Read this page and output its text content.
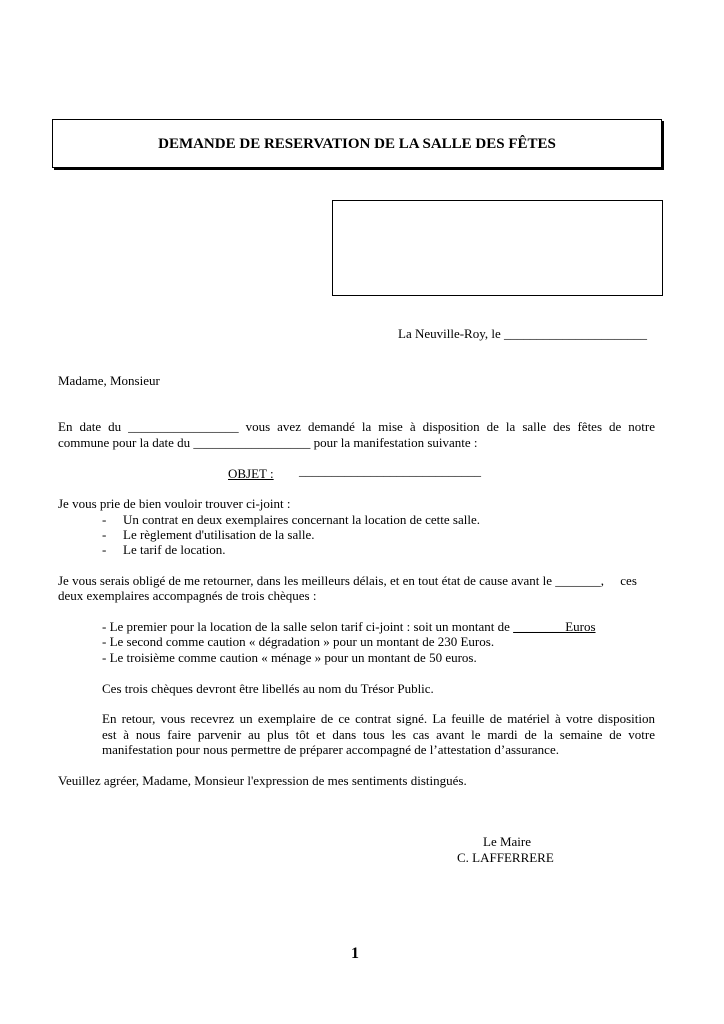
DEMANDE DE RESERVATION DE LA SALLE DES FÊTES
La Neuville-Roy, le ______________________
Madame, Monsieur
En date du _________________ vous avez demandé la mise à disposition de la salle des fêtes de notre
commune pour la date du __________________ pour la manifestation suivante :
OBJET : ____________________________
Je vous prie de bien vouloir trouver ci-joint :
- Un contrat en deux exemplaires concernant la location de cette salle.
- Le règlement d'utilisation de la salle.
- Le tarif de location.
Je vous serais obligé de me retourner, dans les meilleurs délais, et en tout état de cause avant le _______,     ces
deux exemplaires accompagnés de trois chèques :
- Le premier pour la location de la salle selon tarif ci-joint : soit un montant de ________Euros
- Le second comme caution « dégradation » pour un montant de 230 Euros.
- Le troisième comme caution « ménage » pour un montant de 50 euros.
Ces trois chèques devront être libellés au nom du Trésor Public.
En retour, vous recevrez un exemplaire de ce contrat signé. La feuille de matériel à votre disposition
est à nous faire parvenir au plus tôt et dans tous les cas avant le mardi de la semaine de votre
manifestation pour nous permettre de préparer accompagné de l’attestation d’assurance.
Veuillez agréer, Madame, Monsieur l'expression de mes sentiments distingués.
Le Maire
C. LAFFERRERE
1
